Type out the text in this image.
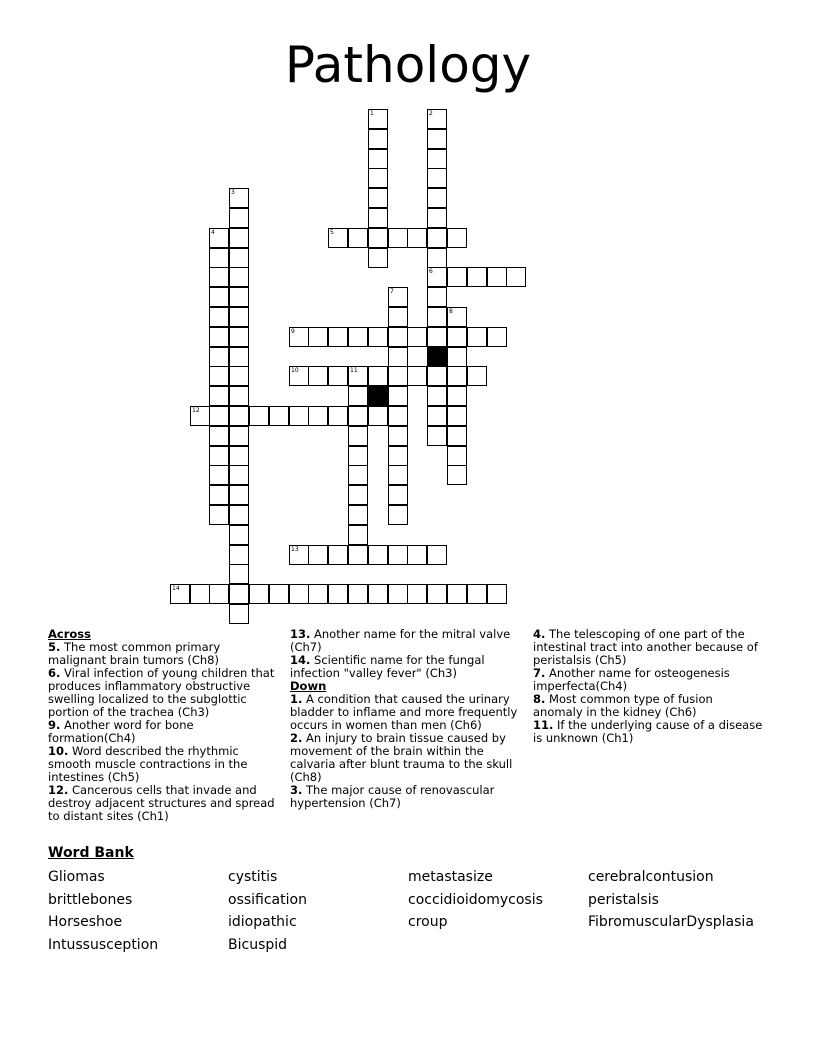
Pathology
1	2
3
4	5
6
7
8
9
10	11
12
13
14
Across
5. The most common primary malignant brain tumors (Ch8)
6. Viral infection of young children that produces inflammatory obstructive swelling localized to the subglottic portion of the trachea (Ch3)
9. Another word for bone formation(Ch4)
10. Word described the rhythmic smooth muscle contractions in the intestines (Ch5)
12. Cancerous cells that invade and destroy adjacent structures and spread to distant sites (Ch1)
13. Another name for the mitral valve (Ch7)
14. Scientific name for the fungal infection "valley fever" (Ch3)
Down
1. A condition that caused the urinary bladder to inflame and more frequently occurs in women than men (Ch6)
2. An injury to brain tissue caused by movement of the brain within the calvaria after blunt trauma to the skull (Ch8)
3. The major cause of renovascular hypertension (Ch7)
4. The telescoping of one part of the intestinal tract into another because of peristalsis (Ch5)
7. Another name for osteogenesis imperfecta(Ch4)
8. Most common type of fusion anomaly in the kidney (Ch6)
11. If the underlying cause of a disease is unknown (Ch1)
Word Bank
Gliomas
brittlebones
Horseshoe
Intussusception
cystitis
ossification
idiopathic
Bicuspid
metastasize
coccidioidomycosis
croup
cerebralcontusion
peristalsis
FibromuscularDysplasia
